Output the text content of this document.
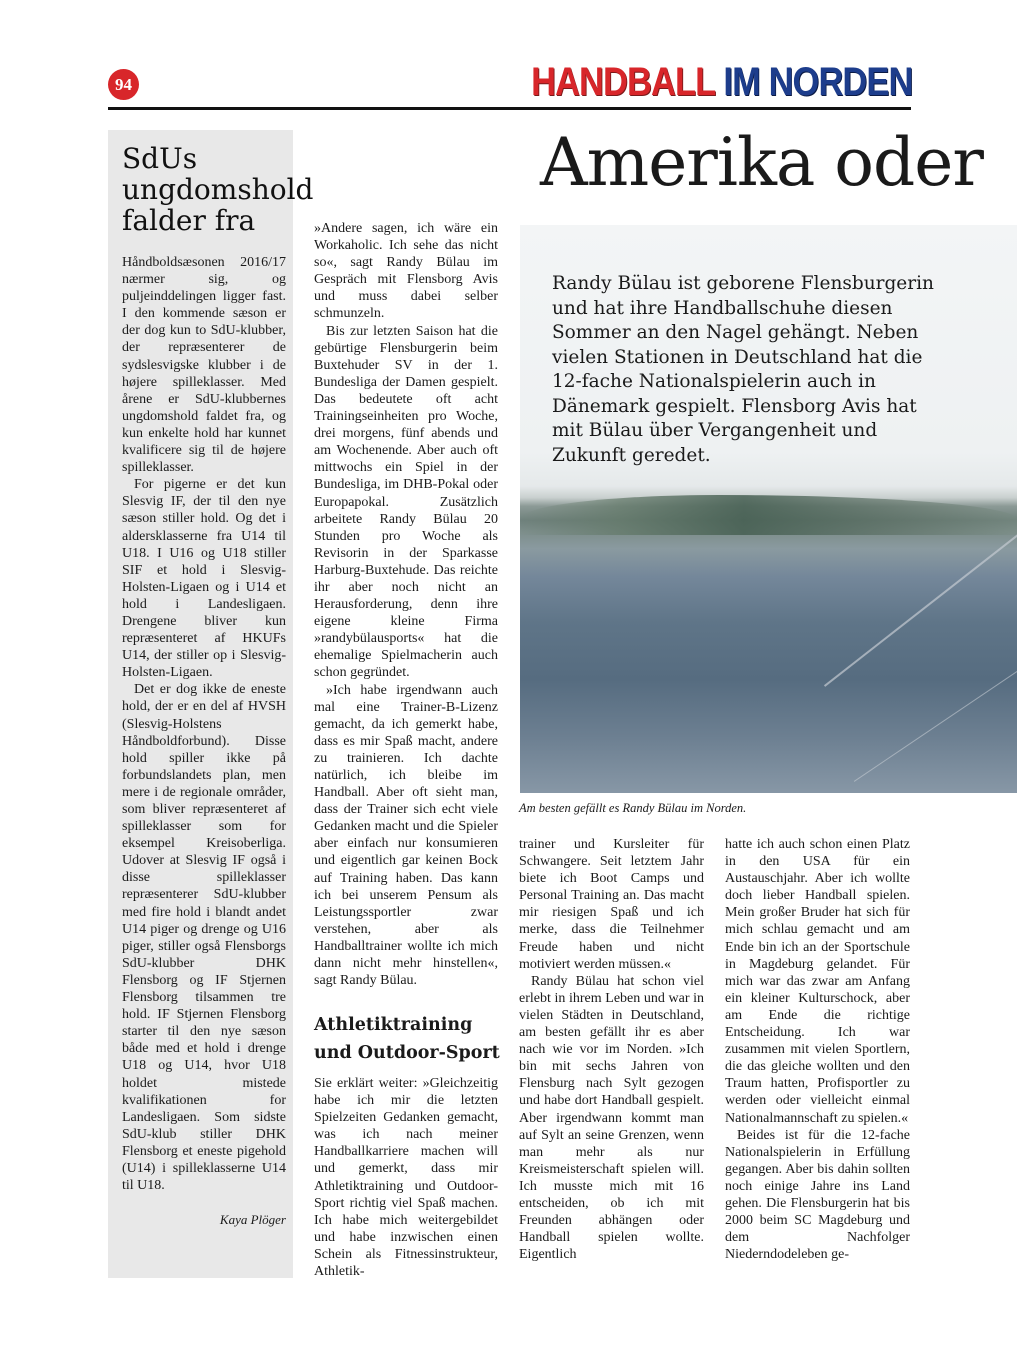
94	HANDBALL IM NORDEN
SdUs ungdomshold falder fra

Håndboldsæsonen 2016/17 nærmer sig, og puljeinddelingen ligger fast. I den kommende sæson er der dog kun to SdU-klubber, der repræsenterer de sydslesvigske klubber i de højere spilleklasser. Med årene er SdU-klubbernes ungdomshold faldet fra, og kun enkelte hold har kunnet kvalificere sig til de højere spilleklasser.

For pigerne er det kun Slesvig IF, der til den nye sæson stiller hold. Og det i aldersklasserne fra U14 til U18. I U16 og U18 stiller SIF et hold i Slesvig-Holsten-Ligaen og i U14 et hold i Landesligaen. Drengene bliver kun repræsenteret af HKUFs U14, der stiller op i Slesvig-Holsten-Ligaen.

Det er dog ikke de eneste hold, der er en del af HVSH (Slesvig-Holstens Håndboldforbund). Disse hold spiller ikke på forbundslandets plan, men mere i de regionale områder, som bliver repræsenteret af spilleklasser som for eksempel Kreisoberliga. Udover at Slesvig IF også i disse spilleklasser repræsenterer SdU-klubber med fire hold i blandt andet U14 piger og drenge og U16 piger, stiller også Flensborgs SdU-klubber DHK Flensborg og IF Stjernen Flensborg tilsammen tre hold. IF Stjernen Flensborg starter til den nye sæson både med et hold i drenge U18 og U14, hvor U18 holdet mistede kvalifikationen for Landesligaen. Som sidste SdU-klub stiller DHK Flensborg et eneste pigehold (U14) i spilleklasserne U14 til U18.

Kaya Plöger

»Andere sagen, ich wäre ein Workaholic. Ich sehe das nicht so«, sagt Randy Bülau im Gespräch mit Flensborg Avis und muss dabei selber schmunzeln.

Bis zur letzten Saison hat die gebürtige Flensburgerin beim Buxtehuder SV in der 1. Bundesliga der Damen gespielt. Das bedeutete oft acht Trainingseinheiten pro Woche, drei morgens, fünf abends und am Wochenende. Aber auch oft mittwochs ein Spiel in der Bundesliga, im DHB-Pokal oder Europapokal. Zusätzlich arbeitete Randy Bülau 20 Stunden pro Woche als Revisorin in der Sparkasse Harburg-Buxtehude. Das reichte ihr aber noch nicht an Herausforderung, denn ihre eigene kleine Firma »randybülausports« hat die ehemalige Spielmacherin auch schon gegründet.

»Ich habe irgendwann auch mal eine Trainer-B-Lizenz gemacht, da ich gemerkt habe, dass es mir Spaß macht, andere zu trainieren. Ich dachte natürlich, ich bleibe im Handball. Aber oft sieht man, dass der Trainer sich echt viele Gedanken macht und die Spieler aber einfach nur konsumieren und eigentlich gar keinen Bock auf Training haben. Das kann ich bei unserem Pensum als Leistungssportler zwar verstehen, aber als Handballtrainer wollte ich mich dann nicht mehr hinstellen«, sagt Randy Bülau.

Athletiktraining und Outdoor-Sport

Sie erklärt weiter: »Gleichzeitig habe ich mir die letzten Spielzeiten Gedanken gemacht, was ich nach meiner Handballkarriere machen will und gemerkt, dass mir Athletiktraining und Outdoor-Sport richtig viel Spaß machen. Ich habe mich weitergebildet und habe inzwischen einen Schein als Fitnessinstrukteur, Athletik-

Amerika oder
Randy Bülau ist geborene Flensburgerin und hat ihre Handballschuhe diesen Sommer an den Nagel gehängt. Neben vielen Stationen in Deutschland hat die 12-fache Nationalspielerin auch in Dänemark gespielt. Flensborg Avis hat mit Bülau über Vergangenheit und Zukunft geredet.
Am besten gefällt es Randy Bülau im Norden.

trainer und Kursleiter für Schwangere. Seit letztem Jahr biete ich Boot Camps und Personal Training an. Das macht mir riesigen Spaß und ich merke, dass die Teilnehmer Freude haben und nicht motiviert werden müssen.«

Randy Bülau hat schon viel erlebt in ihrem Leben und war in vielen Städten in Deutschland, am besten gefällt ihr es aber nach wie vor im Norden. »Ich bin mit sechs Jahren von Flensburg nach Sylt gezogen und habe dort Handball gespielt. Aber irgendwann kommt man auf Sylt an seine Grenzen, wenn man mehr als nur Kreismeisterschaft spielen will. Ich musste mich mit 16 entscheiden, ob ich mit Freunden abhängen oder Handball spielen wollte. Eigentlich

hatte ich auch schon einen Platz in den USA für ein Austauschjahr. Aber ich wollte doch lieber Handball spielen. Mein großer Bruder hat sich für mich schlau gemacht und am Ende bin ich an der Sportschule in Magdeburg gelandet. Für mich war das zwar am Anfang ein kleiner Kulturschock, aber am Ende die richtige Entscheidung. Ich war zusammen mit vielen Sportlern, die das gleiche wollten und den Traum hatten, Profisportler zu werden oder vielleicht einmal Nationalmannschaft zu spielen.«

Beides ist für die 12-fache Nationalspielerin in Erfüllung gegangen. Aber bis dahin sollten noch einige Jahre ins Land gehen. Die Flensburgerin hat bis 2000 beim SC Magdeburg und dem Nachfolger Niederndodeleben ge-
